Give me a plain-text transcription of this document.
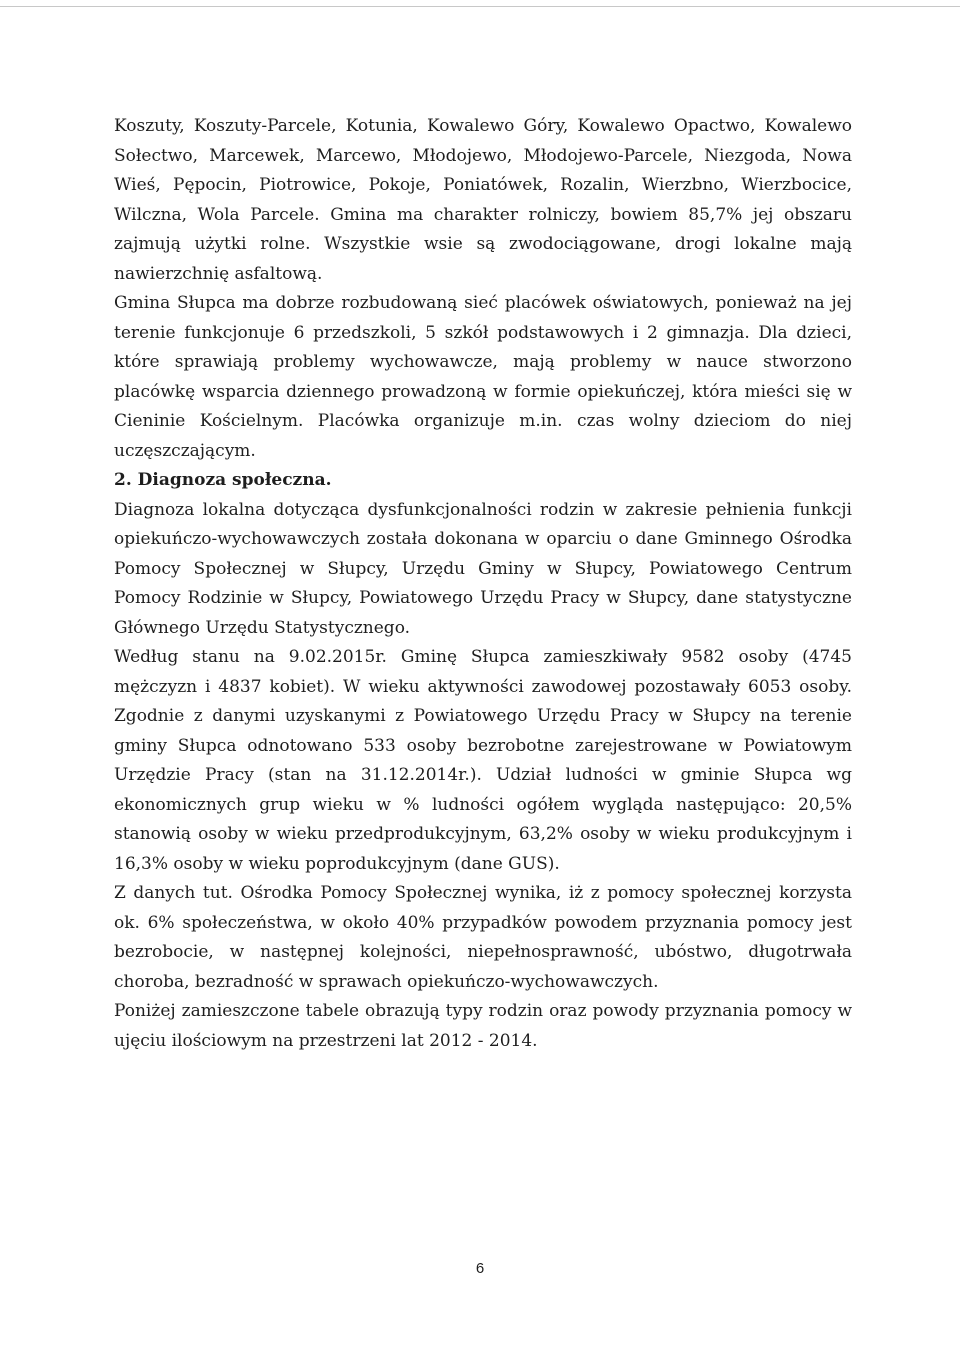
Koszuty, Koszuty-Parcele, Kotunia, Kowalewo Góry, Kowalewo Opactwo, Kowalewo Sołectwo, Marcewek, Marcewo, Młodojewo, Młodojewo-Parcele, Niezgoda, Nowa Wieś, Pępocin, Piotrowice, Pokoje, Poniatówek, Rozalin, Wierzbno, Wierzbocice, Wilczna, Wola Parcele. Gmina ma charakter rolniczy, bowiem 85,7% jej obszaru zajmują użytki rolne. Wszystkie wsie są zwodociągowane, drogi lokalne mają nawierzchnię asfaltową.

Gmina Słupca ma dobrze rozbudowaną sieć placówek oświatowych, ponieważ na jej terenie funkcjonuje 6 przedszkoli, 5 szkół podstawowych i 2 gimnazja. Dla dzieci, które sprawiają problemy wychowawcze, mają problemy w nauce stworzono placówkę wsparcia dziennego prowadzoną w formie opiekuńczej, która mieści się w Cieninie Kościelnym. Placówka organizuje m.in. czas wolny dzieciom do niej uczęszczającym.

2. Diagnoza społeczna.

Diagnoza lokalna dotycząca dysfunkcjonalności rodzin w zakresie pełnienia funkcji opiekuńczo-wychowawczych została dokonana w oparciu o dane Gminnego Ośrodka Pomocy Społecznej w Słupcy, Urzędu Gminy w Słupcy, Powiatowego Centrum Pomocy Rodzinie w Słupcy, Powiatowego Urzędu Pracy w Słupcy, dane statystyczne Głównego Urzędu Statystycznego.

Według stanu na 9.02.2015r. Gminę Słupca zamieszkiwały 9582 osoby (4745 mężczyzn i 4837 kobiet). W wieku aktywności zawodowej pozostawały 6053 osoby. Zgodnie z danymi uzyskanymi z Powiatowego Urzędu Pracy w Słupcy na terenie gminy Słupca odnotowano 533 osoby bezrobotne zarejestrowane w Powiatowym Urzędzie Pracy (stan na 31.12.2014r.). Udział ludności w gminie Słupca wg ekonomicznych grup wieku w % ludności ogółem wygląda następująco: 20,5% stanowią osoby w wieku przedprodukcyjnym, 63,2% osoby w wieku produkcyjnym i 16,3% osoby w wieku poprodukcyjnym (dane GUS).

Z danych tut. Ośrodka Pomocy Społecznej wynika, iż z pomocy społecznej korzysta ok. 6% społeczeństwa, w około 40% przypadków powodem przyznania pomocy jest bezrobocie, w następnej kolejności, niepełnosprawność, ubóstwo, długotrwała choroba, bezradność w sprawach opiekuńczo-wychowawczych.

Poniżej zamieszczone tabele obrazują typy rodzin oraz powody przyznania pomocy w ujęciu ilościowym na przestrzeni lat 2012 - 2014.

6
